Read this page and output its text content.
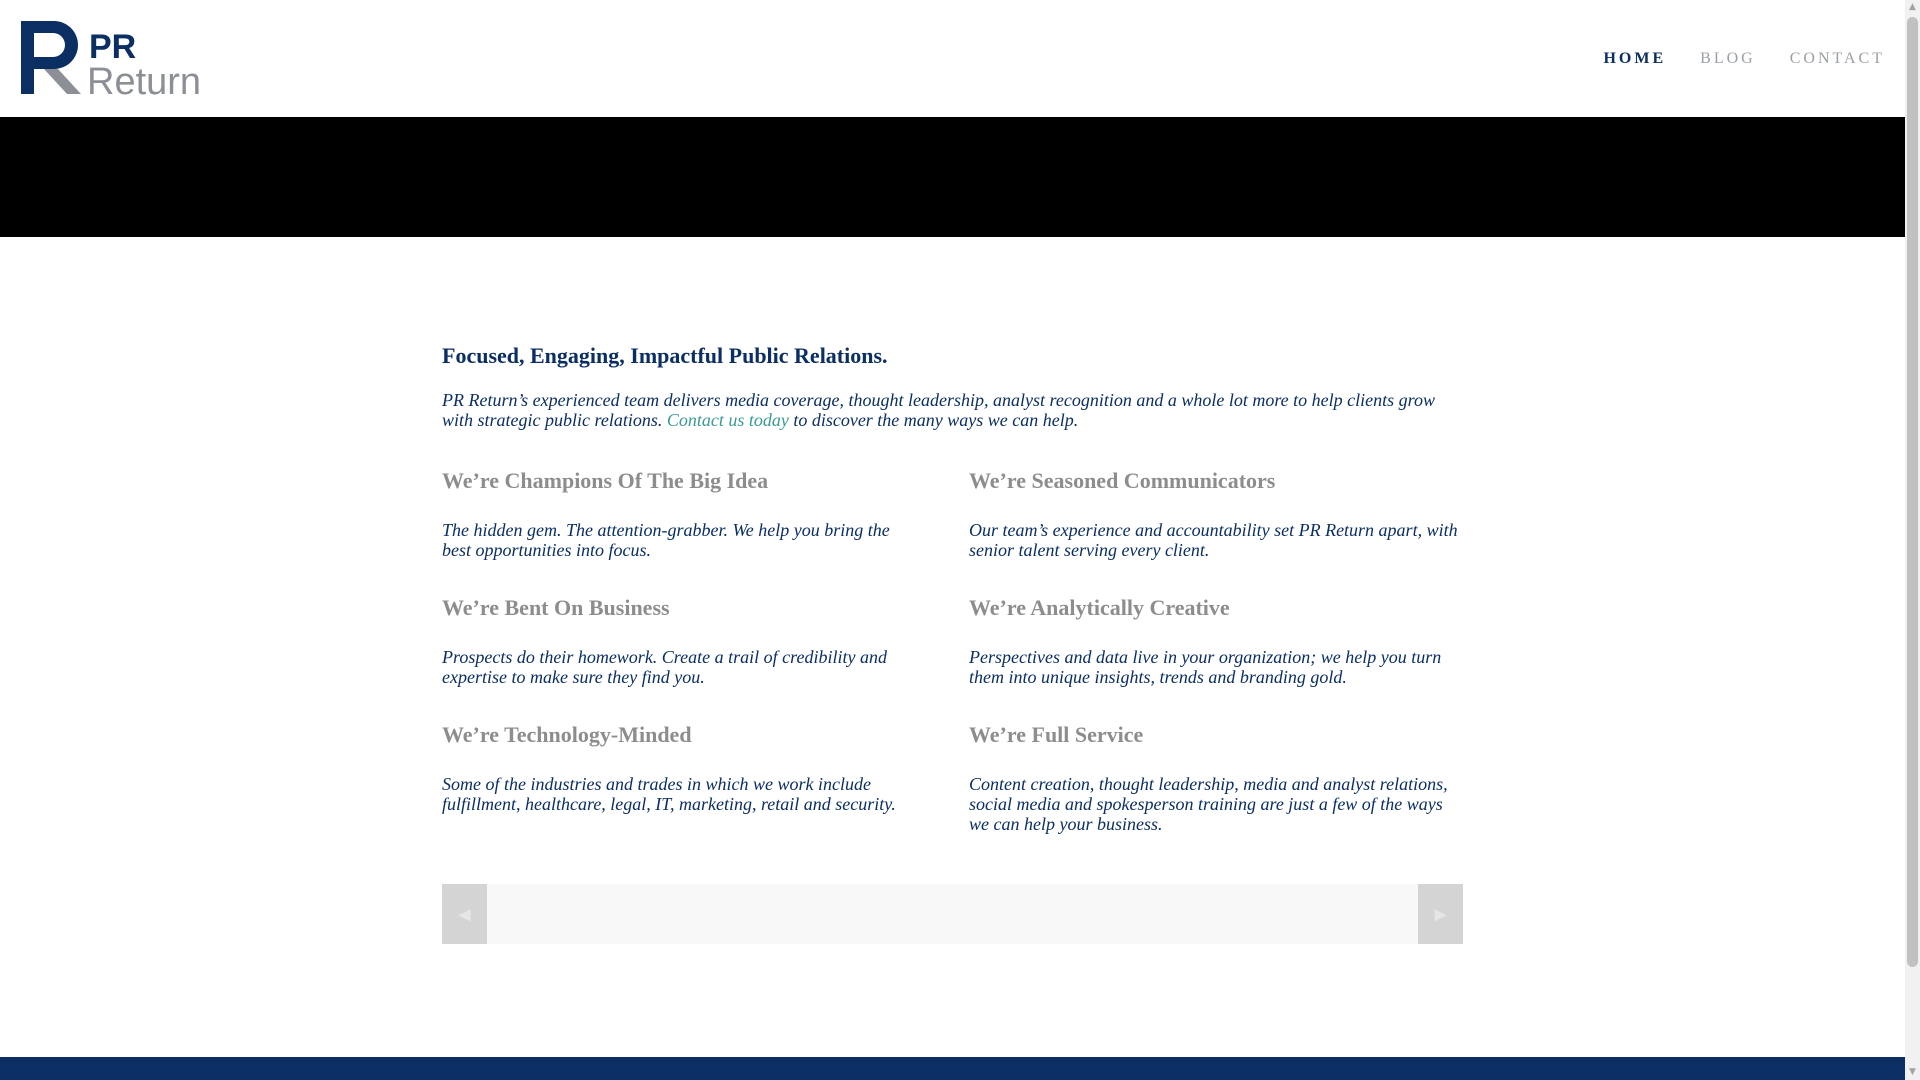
PR
Return
HOME BLOG CONTACT
Focused, Engaging, Impactful Public Relations.

PR Return’s experienced team delivers media coverage, thought leadership, analyst recognition and a whole lot more to help clients grow with strategic public relations. Contact us today to discover the many ways we can help.

We’re Champions Of The Big Idea

The hidden gem. The attention-grabber. We help you bring the best opportunities into focus.

We’re Seasoned Communicators

Our team’s experience and accountability set PR Return apart, with senior talent serving every client.

We’re Bent On Business

Prospects do their homework. Create a trail of credibility and expertise to make sure they find you.

We’re Analytically Creative

Perspectives and data live in your organization; we help you turn them into unique insights, trends and branding gold.

We’re Technology-Minded

Some of the industries and trades in which we work include fulfillment, healthcare, legal, IT, marketing, retail and security.

We’re Full Service

Content creation, thought leadership, media and analyst relations, social media and spokesperson training are just a few of the ways we can help your business.

◀	▶
▲
▼
